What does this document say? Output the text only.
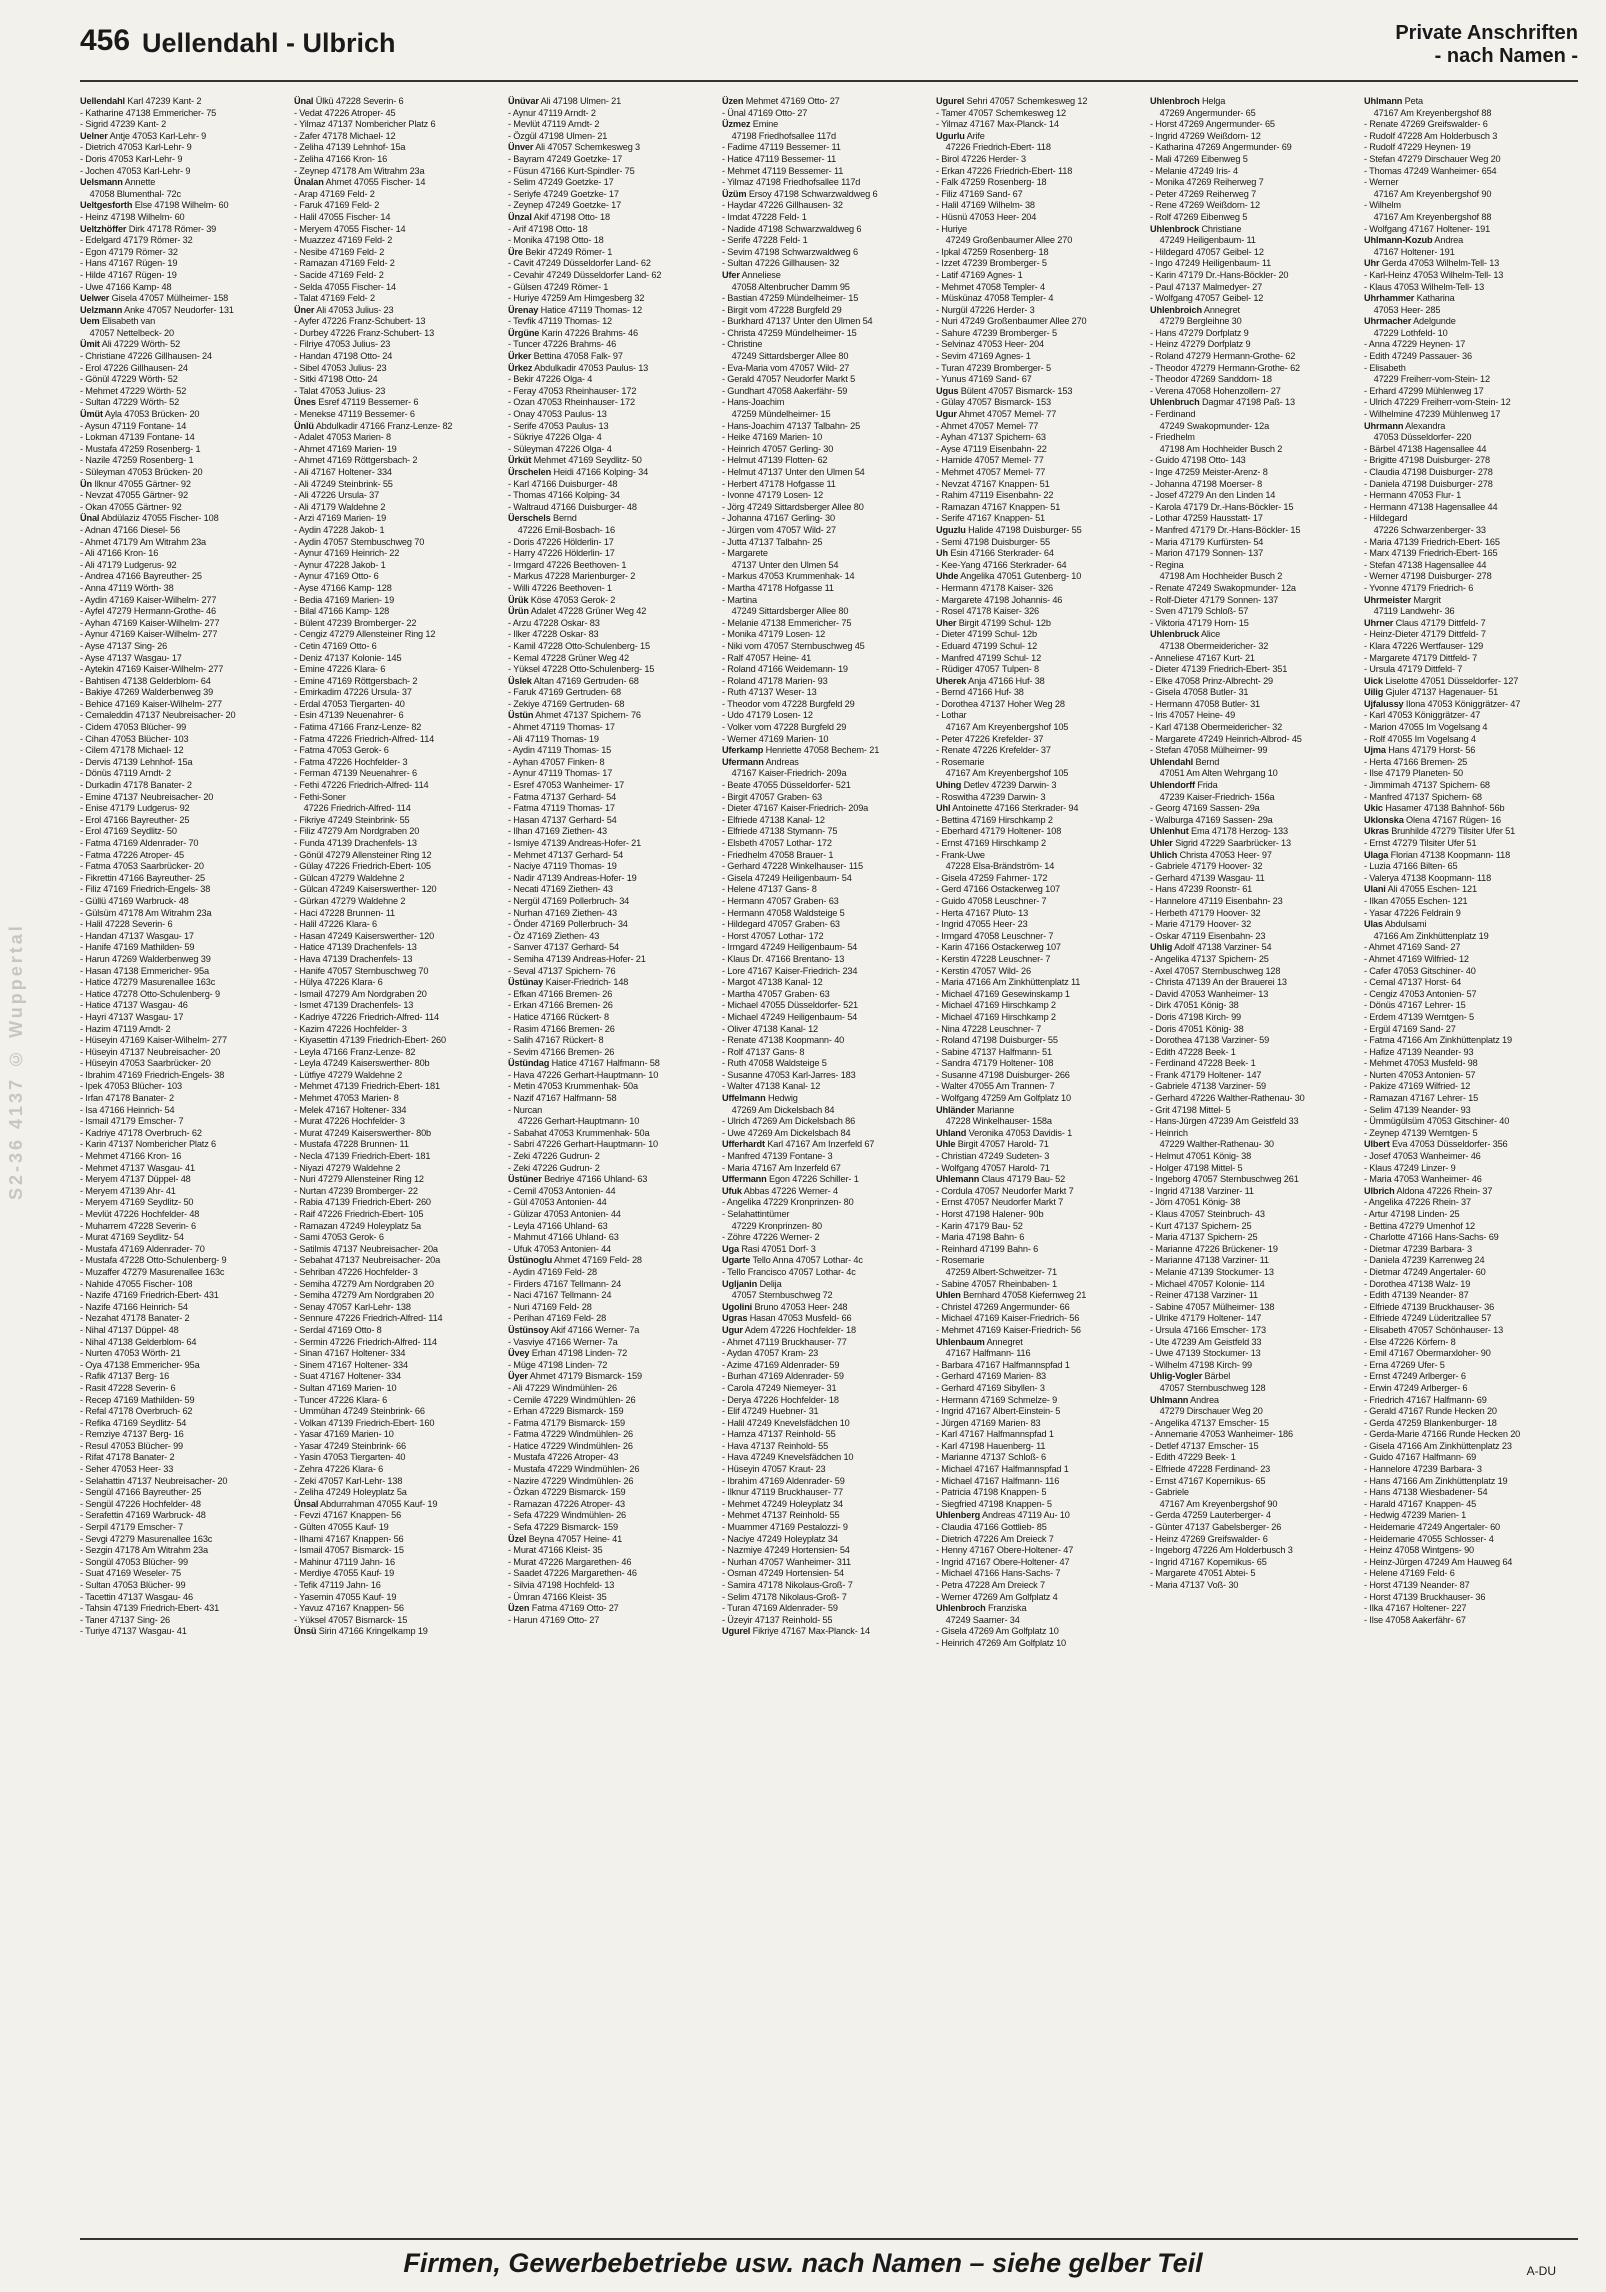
456 Uellendahl - Ulbrich	Private Anschriften
- nach Namen -
S2-36 4137 © Wuppertal
Uellendahl Karl 47239 Kant- 2
- Katharine 47138 Emmericher- 75
- Sigrid 47239 Kant- 2
Uelner Antje 47053 Karl-Lehr- 9
- Dietrich 47053 Karl-Lehr- 9
- Doris 47053 Karl-Lehr- 9
- Jochen 47053 Karl-Lehr- 9
Uelsmann Annette
47058 Blumenthal- 72c
Ueltgesforth Else 47198 Wilhelm- 60
- Heinz 47198 Wilhelm- 60
Ueltzhöffer Dirk 47178 Römer- 39
- Edelgard 47179 Römer- 32
- Egon 47179 Römer- 32
- Hans 47167 Rügen- 19
- Hilde 47167 Rügen- 19
- Uwe 47166 Kamp- 48
Uelwer Gisela 47057 Mülheimer- 158
Uelzmann Anke 47057 Neudorfer- 131
Uem Elisabeth van
47057 Nettelbeck- 20
Ümit Ali 47229 Wörth- 52
- Christiane 47226 Gillhausen- 24
- Erol 47226 Gillhausen- 24
- Gönül 47229 Wörth- 52
- Mehmet 47229 Wörth- 52
- Sultan 47229 Wörth- 52
Ümüt Ayla 47053 Brücken- 20
- Aysun 47119 Fontane- 14
- Lokman 47139 Fontane- 14
- Mustafa 47259 Rosenberg- 1
- Nazile 47259 Rosenberg- 1
- Süleyman 47053 Brücken- 20
Ün Ilknur 47055 Gärtner- 92
- Nevzat 47055 Gärtner- 92
- Okan 47055 Gärtner- 92
Ünal Abdülaziz 47055 Fischer- 108
- Adnan 47166 Diesel- 56
- Ahmet 47179 Am Witrahm 23a
- Ali 47166 Kron- 16
- Ali 47179 Ludgerus- 92
- Andrea 47166 Bayreuther- 25
- Anna 47119 Wörth- 38
- Aydin 47169 Kaiser-Wilhelm- 277
- Ayfel 47279 Hermann-Grothe- 46
- Ayhan 47169 Kaiser-Wilhelm- 277
- Aynur 47169 Kaiser-Wilhelm- 277
- Ayse 47137 Sing- 26
- Ayse 47137 Wasgau- 17
- Aytekin 47169 Kaiser-Wilhelm- 277
- Bahtisen 47138 Gelderblom- 64
- Bakiye 47269 Walderbenweg 39
- Behice 47169 Kaiser-Wilhelm- 277
- Cemaleddin 47137 Neubreisacher- 20
- Cidem 47053 Blücher- 99
- Cihan 47053 Blücher- 103
- Cilem 47178 Michael- 12
- Dervis 47139 Lehnhof- 15a
- Dönüs 47119 Arndt- 2
- Durkadin 47178 Banater- 2
- Emine 47137 Neubreisacher- 20
- Enise 47179 Ludgerus- 92
- Erol 47166 Bayreuther- 25
- Erol 47169 Seydlitz- 50
- Fatma 47169 Aldenrader- 70
- Fatma 47226 Atroper- 45
- Fatma 47053 Saarbrücker- 20
- Fikrettin 47166 Bayreuther- 25
- Filiz 47169 Friedrich-Engels- 38
- Güllü 47169 Warbruck- 48
- Gülsüm 47178 Am Witrahm 23a
- Halil 47228 Severin- 6
- Handan 47137 Wasgau- 17
- Hanife 47169 Mathilden- 59
- Harun 47269 Walderbenweg 39
- Hasan 47138 Emmericher- 95a
- Hatice 47279 Masurenallee 163c
- Hatice 47278 Otto-Schulenberg- 9
- Hatice 47137 Wasgau- 46
- Hayri 47137 Wasgau- 17
- Hazim 47119 Arndt- 2
- Hüseyin 47169 Kaiser-Wilhelm- 277
- Hüseyin 47137 Neubreisacher- 20
- Hüseyin 47053 Saarbrücker- 20
- Ibrahim 47169 Friedrich-Engels- 38
- Ipek 47053 Blücher- 103
- Irfan 47178 Banater- 2
- Isa 47166 Heinrich- 54
- Ismail 47179 Emscher- 7
- Kadriye 47178 Overbruch- 62
- Karin 47137 Nombericher Platz 6
- Mehmet 47166 Kron- 16
- Mehmet 47137 Wasgau- 41
- Meryem 47137 Düppel- 48
- Meryem 47139 Ahr- 41
- Meryem 47169 Seydlitz- 50
- Mevlüt 47226 Hochfelder- 48
- Muharrem 47228 Severin- 6
- Murat 47169 Seydlitz- 54
- Mustafa 47169 Aldenrader- 70
- Mustafa 47228 Otto-Schulenberg- 9
- Muzaffer 47279 Masurenallee 163c
- Nahide 47055 Fischer- 108
- Nazife 47169 Friedrich-Ebert- 431
- Nazife 47166 Heinrich- 54
- Nezahat 47178 Banater- 2
- Nihal 47137 Düppel- 48
- Nihal 47138 Gelderblom- 64
- Nurten 47053 Wörth- 21
- Oya 47138 Emmericher- 95a
- Rafik 47137 Berg- 16
- Rasit 47228 Severin- 6
- Recep 47169 Mathilden- 59
- Refal 47178 Overbruch- 62
- Refika 47169 Seydlitz- 54
- Remziye 47137 Berg- 16
- Resul 47053 Blücher- 99
- Rifat 47178 Banater- 2
- Seher 47053 Heer- 33
- Selahattin 47137 Neubreisacher- 20
- Sengül 47166 Bayreuther- 25
- Sengül 47226 Hochfelder- 48
- Serafettin 47169 Warbruck- 48
- Serpil 47179 Emscher- 7
- Sevgi 47279 Masurenallee 163c
- Sezgin 47178 Am Witrahm 23a
- Songül 47053 Blücher- 99
- Suat 47169 Weseler- 75
- Sultan 47053 Blücher- 99
- Tacettin 47137 Wasgau- 46
- Tahsin 47139 Friedrich-Ebert- 431
- Taner 47137 Sing- 26
- Turiye 47137 Wasgau- 41
Ünal Ülkü 47228 Severin- 6
- Vedat 47226 Atroper- 45
- Yilmaz 47137 Nombericher Platz 6
- Zafer 47178 Michael- 12
- Zeliha 47139 Lehnhof- 15a
- Zeliha 47166 Kron- 16
- Zeynep 47178 Am Witrahm 23a
Ünalan Ahmet 47055 Fischer- 14
- Arap 47169 Feld- 2
- Faruk 47169 Feld- 2
- Halil 47055 Fischer- 14
- Meryem 47055 Fischer- 14
- Muazzez 47169 Feld- 2
- Nesibe 47169 Feld- 2
- Ramazan 47169 Feld- 2
- Sacide 47169 Feld- 2
- Selda 47055 Fischer- 14
- Talat 47169 Feld- 2
Üner Ali 47053 Julius- 23
- Ayfer 47226 Franz-Schubert- 13
- Durbey 47226 Franz-Schubert- 13
- Filriye 47053 Julius- 23
- Handan 47198 Otto- 24
- Sibel 47053 Julius- 23
- Sitki 47198 Otto- 24
- Talat 47053 Julius- 23
Ünes Esref 47119 Bessemer- 6
- Menekse 47119 Bessemer- 6
Ünlü Abdulkadir 47166 Franz-Lenze- 82
- Adalet 47053 Marien- 8
- Ahmet 47169 Marien- 19
- Ahmet 47169 Röttgersbach- 2
- Ali 47167 Holtener- 334
- Ali 47249 Steinbrink- 55
- Ali 47226 Ursula- 37
- Ali 47179 Waldehne 2
- Arzi 47169 Marien- 19
- Aydin 47228 Jakob- 1
- Aydin 47057 Sternbuschweg 70
- Aynur 47169 Heinrich- 22
- Aynur 47228 Jakob- 1
- Aynur 47169 Otto- 6
- Ayse 47166 Kamp- 128
- Bedia 47169 Marien- 19
- Bilal 47166 Kamp- 128
- Bülent 47239 Bromberger- 22
- Cengiz 47279 Allensteiner Ring 12
- Cetin 47169 Otto- 6
- Deniz 47137 Kolonie- 145
- Emine 47226 Klara- 6
- Emine 47169 Röttgersbach- 2
- Emirkadim 47226 Ursula- 37
- Erdal 47053 Tiergarten- 40
- Esin 47139 Neuenahrer- 6
- Fatima 47166 Franz-Lenze- 82
- Fatma 47226 Friedrich-Alfred- 114
- Fatma 47053 Gerok- 6
- Fatma 47226 Hochfelder- 3
- Ferman 47139 Neuenahrer- 6
- Fethi 47226 Friedrich-Alfred- 114
- Fethi-Soner
47226 Friedrich-Alfred- 114
- Fikriye 47249 Steinbrink- 55
- Filiz 47279 Am Nordgraben 20
- Funda 47139 Drachenfels- 13
- Gönül 47279 Allensteiner Ring 12
- Gülay 47226 Friedrich-Ebert- 105
- Gülcan 47279 Waldehne 2
- Gülcan 47249 Kaiserswerther- 120
- Gürkan 47279 Waldehne 2
- Haci 47228 Brunnen- 11
- Halil 47226 Klara- 6
- Hasan 47249 Kaiserswerther- 120
- Hatice 47139 Drachenfels- 13
- Hava 47139 Drachenfels- 13
- Hanife 47057 Sternbuschweg 70
- Hülya 47226 Klara- 6
- Ismail 47279 Am Nordgraben 20
- Ismet 47139 Drachenfels- 13
- Kadriye 47226 Friedrich-Alfred- 114
- Kazim 47226 Hochfelder- 3
- Kiyasettin 47139 Friedrich-Ebert- 260
- Leyla 47166 Franz-Lenze- 82
- Leyla 47249 Kaiserswerther- 80b
- Lütfiye 47279 Waldehne 2
- Mehmet 47139 Friedrich-Ebert- 181
- Mehmet 47053 Marien- 8
- Melek 47167 Holtener- 334
- Murat 47226 Hochfelder- 3
- Murat 47249 Kaiserswerther- 80b
- Mustafa 47228 Brunnen- 11
- Necla 47139 Friedrich-Ebert- 181
- Niyazi 47279 Waldehne 2
- Nuri 47279 Allensteiner Ring 12
- Nurtan 47239 Bromberger- 22
- Rabia 47139 Friedrich-Ebert- 260
- Raif 47226 Friedrich-Ebert- 105
- Ramazan 47249 Holeyplatz 5a
- Sami 47053 Gerok- 6
- Satilmis 47137 Neubreisacher- 20a
- Sebahat 47137 Neubreisacher- 20a
- Sehriban 47226 Hochfelder- 3
- Semiha 47279 Am Nordgraben 20
- Semiha 47279 Am Nordgraben 20
- Senay 47057 Karl-Lehr- 138
- Sennure 47226 Friedrich-Alfred- 114
- Serdal 47169 Otto- 8
- Sermin 47226 Friedrich-Alfred- 114
- Sinan 47167 Holtener- 334
- Sinem 47167 Holtener- 334
- Suat 47167 Holtener- 334
- Sultan 47169 Marien- 10
- Tuncer 47226 Klara- 6
- Ummühan 47249 Steinbrink- 66
- Volkan 47139 Friedrich-Ebert- 160
- Yasar 47169 Marien- 10
- Yasar 47249 Steinbrink- 66
- Yasin 47053 Tiergarten- 40
- Zehra 47226 Klara- 6
- Zeki 47057 Karl-Lehr- 138
- Zeliha 47249 Holeyplatz 5a
Ünsal Abdurrahman 47055 Kauf- 19
- Fevzi 47167 Knappen- 56
- Gülten 47055 Kauf- 19
- Ilhami 47167 Knappen- 56
- Ismail 47057 Bismarck- 15
- Mahinur 47119 Jahn- 16
- Merdiye 47055 Kauf- 19
- Tefik 47119 Jahn- 16
- Yasemin 47055 Kauf- 19
- Yavuz 47167 Knappen- 56
- Yüksel 47057 Bismarck- 15
Ünsü Sirin 47166 Kringelkamp 19
Ünüvar Ali 47198 Ulmen- 21
- Aynur 47119 Arndt- 2
- Mevlüt 47119 Arndt- 2
- Özgül 47198 Ulmen- 21
Ünver Ali 47057 Schemkesweg 3
- Bayram 47249 Goetzke- 17
- Füsun 47166 Kurt-Spindler- 75
- Selim 47249 Goetzke- 17
- Seriyfe 47249 Goetzke- 17
- Zeynep 47249 Goetzke- 17
Ünzal Akif 47198 Otto- 18
- Arif 47198 Otto- 18
- Monika 47198 Otto- 18
Üre Bekir 47249 Römer- 1
- Cavit 47249 Düsseldorfer Land- 62
- Cevahir 47249 Düsseldorfer Land- 62
- Gülsen 47249 Römer- 1
- Huriye 47259 Am Himgesberg 32
Ürenay Hatice 47119 Thomas- 12
- Tevfik 47119 Thomas- 12
Ürgüne Karin 47226 Brahms- 46
- Tuncer 47226 Brahms- 46
Ürker Bettina 47058 Falk- 97
Ürkez Abdulkadir 47053 Paulus- 13
- Bekir 47226 Olga- 4
- Feray 47053 Rheinhauser- 172
- Ozan 47053 Rheinhauser- 172
- Onay 47053 Paulus- 13
- Serife 47053 Paulus- 13
- Sükriye 47226 Olga- 4
- Süleyman 47226 Olga- 4
Ürküt Mehmet 47169 Seydlitz- 50
Ürschelen Heidi 47166 Kolping- 34
- Karl 47166 Duisburger- 48
- Thomas 47166 Kolping- 34
- Waltraud 47166 Duisburger- 48
Üerschels Bernd
47226 Emil-Bosbach- 16
- Doris 47226 Hölderlin- 17
- Harry 47226 Hölderlin- 17
- Irmgard 47226 Beethoven- 1
- Markus 47228 Marienburger- 2
- Willi 47226 Beethoven- 1
Ürük Köse 47053 Gerok- 2
Ürün Adalet 47228 Grüner Weg 42
- Arzu 47228 Oskar- 83
- Ilker 47228 Oskar- 83
- Kamil 47228 Otto-Schulenberg- 15
- Kemal 47228 Grüner Weg 42
- Yüksel 47228 Otto-Schulenberg- 15
Üslek Altan 47169 Gertruden- 68
- Faruk 47169 Gertruden- 68
- Zekiye 47169 Gertruden- 68
Üstün Ahmet 47137 Spichern- 76
- Ahmet 47119 Thomas- 17
- Ali 47119 Thomas- 19
- Aydin 47119 Thomas- 15
- Ayhan 47057 Finken- 8
- Aynur 47119 Thomas- 17
- Esref 47053 Wanheimer- 17
- Fatma 47137 Gerhard- 54
- Fatma 47119 Thomas- 17
- Hasan 47137 Gerhard- 54
- Ilhan 47169 Ziethen- 43
- Ismiye 47139 Andreas-Hofer- 21
- Mehmet 47137 Gerhard- 54
- Naciye 47119 Thomas- 19
- Nadir 47139 Andreas-Hofer- 19
- Necati 47169 Ziethen- 43
- Nergül 47169 Pollerbruch- 34
- Nurhan 47169 Ziethen- 43
- Önder 47169 Pollerbruch- 34
- Öz 47169 Ziethen- 43
- Sanver 47137 Gerhard- 54
- Semiha 47139 Andreas-Hofer- 21
- Seval 47137 Spichern- 76
Üstünay Kaiser-Friedrich- 148
- Efkan 47166 Bremen- 26
- Erkan 47166 Bremen- 26
- Hatice 47166 Rückert- 8
- Rasim 47166 Bremen- 26
- Salih 47167 Rückert- 8
- Sevim 47166 Bremen- 26
Üstündag Hatice 47167 Halfmann- 58
- Hava 47226 Gerhart-Hauptmann- 10
- Metin 47053 Krummenhak- 50a
- Nazif 47167 Halfmann- 58
- Nurcan
47226 Gerhart-Hauptmann- 10
- Sabahat 47053 Krummenhak- 50a
- Sabri 47226 Gerhart-Hauptmann- 10
- Zeki 47226 Gudrun- 2
- Zeki 47226 Gudrun- 2
Üstüner Bedriye 47166 Uhland- 63
- Cemil 47053 Antonien- 44
- Gül 47053 Antonien- 44
- Gülizar 47053 Antonien- 44
- Leyla 47166 Uhland- 63
- Mahmut 47166 Uhland- 63
- Ufuk 47053 Antonien- 44
Üstünoglu Ahmet 47169 Feld- 28
- Aydin 47169 Feld- 28
- Firders 47167 Tellmann- 24
- Naci 47167 Tellmann- 24
- Nuri 47169 Feld- 28
- Perihan 47169 Feld- 28
Üstünsoy Akif 47166 Werner- 7a
- Vasviye 47166 Werner- 7a
Üvey Erhan 47198 Linden- 72
- Müge 47198 Linden- 72
Üyer Ahmet 47179 Bismarck- 159
- Ali 47229 Windmühlen- 26
- Cemile 47229 Windmühlen- 26
- Erhan 47229 Bismarck- 159
- Fatma 47179 Bismarck- 159
- Fatma 47229 Windmühlen- 26
- Hatice 47229 Windmühlen- 26
- Mustafa 47226 Atroper- 43
- Mustafa 47229 Windmühlen- 26
- Nazire 47229 Windmühlen- 26
- Özkan 47229 Bismarck- 159
- Ramazan 47226 Atroper- 43
- Sefa 47229 Windmühlen- 26
- Sefa 47229 Bismarck- 159
Üzel Beyna 47057 Heine- 41
- Murat 47166 Kleist- 35
- Murat 47226 Margarethen- 46
- Saadet 47226 Margarethen- 46
- Silvia 47198 Hochfeld- 13
- Ümran 47166 Kleist- 35
Üzen Fatma 47169 Otto- 27
- Harun 47169 Otto- 27
Üzen Mehmet 47169 Otto- 27
- Ünal 47169 Otto- 27
Üzmez Emine
47198 Friedhofsallee 117d
- Fadime 47119 Bessemer- 11
- Hatice 47119 Bessemer- 11
- Mehmet 47119 Bessemer- 11
- Yilmaz 47198 Friedhofsallee 117d
Üzüm Ersoy 47198 Schwarzwaldweg 6
- Haydar 47226 Gillhausen- 32
- Imdat 47228 Feld- 1
- Nadide 47198 Schwarzwaldweg 6
- Serife 47228 Feld- 1
- Sevim 47198 Schwarzwaldweg 6
- Sultan 47226 Gillhausen- 32
Ufer Anneliese
47058 Altenbrucher Damm 95
- Bastian 47259 Mündelheimer- 15
- Birgit vom 47228 Burgfeld 29
- Burkhard 47137 Unter den Ulmen 54
- Christa 47259 Mündelheimer- 15
- Christine
47249 Sittardsberger Allee 80
- Eva-Maria vom 47057 Wild- 27
- Gerald 47057 Neudorfer Markt 5
- Gundhart 47058 Aakerfähr- 59
- Hans-Joachim
47259 Mündelheimer- 15
- Hans-Joachim 47137 Talbahn- 25
- Heike 47169 Marien- 10
- Heinrich 47057 Gerling- 30
- Helmut 47139 Flotten- 62
- Helmut 47137 Unter den Ulmen 54
- Herbert 47178 Hofgasse 11
- Ivonne 47179 Losen- 12
- Jörg 47249 Sittardsberger Allee 80
- Johanna 47167 Gerling- 30
- Jürgen vom 47057 Wild- 27
- Jutta 47137 Talbahn- 25
- Margarete
47137 Unter den Ulmen 54
- Markus 47053 Krummenhak- 14
- Martha 47178 Hofgasse 11
- Martina
47249 Sittardsberger Allee 80
- Melanie 47138 Emmericher- 75
- Monika 47179 Losen- 12
- Niki vom 47057 Sternbuschweg 45
- Ralf 47057 Heine- 41
- Roland 47166 Weidemann- 19
- Roland 47178 Marien- 93
- Ruth 47137 Weser- 13
- Theodor vom 47228 Burgfeld 29
- Udo 47179 Losen- 12
- Volker vom 47228 Burgfeld 29
- Werner 47169 Marien- 10
Uferkamp Henriette 47058 Bechem- 21
Ufermann Andreas
47167 Kaiser-Friedrich- 209a
- Beate 47055 Düsseldorfer- 521
- Birgit 47057 Graben- 63
- Dieter 47167 Kaiser-Friedrich- 209a
- Elfriede 47138 Kanal- 12
- Elfriede 47138 Stymann- 75
- Elsbeth 47057 Lothar- 172
- Friedhelm 47058 Brauer- 1
- Gerhard 47228 Winkelhauser- 115
- Gisela 47249 Heiligenbaum- 54
- Helene 47137 Gans- 8
- Hermann 47057 Graben- 63
- Hermann 47058 Waldsteige 5
- Hildegard 47057 Graben- 63
- Horst 47057 Lothar- 172
- Irmgard 47249 Heiligenbaum- 54
- Klaus Dr. 47166 Brentano- 13
- Lore 47167 Kaiser-Friedrich- 234
- Margot 47138 Kanal- 12
- Martha 47057 Graben- 63
- Michael 47055 Düsseldorfer- 521
- Michael 47249 Heiligenbaum- 54
- Oliver 47138 Kanal- 12
- Renate 47138 Koopmann- 40
- Rolf 47137 Gans- 8
- Ruth 47058 Waldsteige 5
- Susanne 47053 Karl-Jarres- 183
- Walter 47138 Kanal- 12
Uffelmann Hedwig
47269 Am Dickelsbach 84
- Ulrich 47269 Am Dickelsbach 86
- Uwe 47269 Am Dickelsbach 84
Ufferhardt Karl 47167 Am Inzerfeld 67
- Manfred 47139 Fontane- 3
- Maria 47167 Am Inzerfeld 67
Uffermann Egon 47226 Schiller- 1
Ufuk Abbas 47226 Werner- 4
- Angelika 47229 Kronprinzen- 80
- Selahattintümer
47229 Kronprinzen- 80
- Zöhre 47226 Werner- 2
Uga Rasi 47051 Dorf- 3
Ugarte Tello Anna 47057 Lothar- 4c
- Tello Francisco 47057 Lothar- 4c
Ugljanin Delija
47057 Sternbuschweg 72
Ugolini Bruno 47053 Heer- 248
Ugras Hasan 47053 Musfeld- 66
Ugur Adem 47226 Hochfelder- 18
- Ahmet 47119 Bruckhauser- 77
- Aydan 47057 Kram- 23
- Azime 47169 Aldenrader- 59
- Burhan 47169 Aldenrader- 59
- Carola 47249 Niemeyer- 31
- Derya 47226 Hochfelder- 18
- Elif 47249 Huebner- 31
- Halil 47249 Knevelsfädchen 10
- Hamza 47137 Reinhold- 55
- Hava 47137 Reinhold- 55
- Hava 47249 Knevelsfädchen 10
- Hüseyin 47057 Kraut- 23
- Ibrahim 47169 Aldenrader- 59
- Ilknur 47119 Bruckhauser- 77
- Mehmet 47249 Holeyplatz 34
- Mehmet 47137 Reinhold- 55
- Muammer 47169 Pestalozzi- 9
- Naciye 47249 Holeyplatz 34
- Nazmiye 47249 Hortensien- 54
- Nurhan 47057 Wanheimer- 311
- Osman 47249 Hortensien- 54
- Samira 47178 Nikolaus-Groß- 7
- Selim 47178 Nikolaus-Groß- 7
- Turan 47169 Aldenrader- 59
- Üzeyir 47137 Reinhold- 55
Ugurel Fikriye 47167 Max-Planck- 14
Ugurel Sehri 47057 Schemkesweg 12
- Tamer 47057 Schemkesweg 12
- Yilmaz 47167 Max-Planck- 14
Ugurlu Arife
47226 Friedrich-Ebert- 118
- Birol 47226 Herder- 3
- Erkan 47226 Friedrich-Ebert- 118
- Falk 47259 Rosenberg- 18
- Filiz 47169 Sand- 67
- Halil 47169 Wilhelm- 38
- Hüsnü 47053 Heer- 204
- Huriye
47249 Großenbaumer Allee 270
- Ipkal 47259 Rosenberg- 18
- Izzet 47239 Bromberger- 5
- Latif 47169 Agnes- 1
- Mehmet 47058 Templer- 4
- Müskünaz 47058 Templer- 4
- Nurgül 47226 Herder- 3
- Nuri 47249 Großenbaumer Allee 270
- Sahure 47239 Bromberger- 5
- Selvinaz 47053 Heer- 204
- Sevim 47169 Agnes- 1
- Turan 47239 Bromberger- 5
- Yunus 47169 Sand- 67
Ugus Bülent 47057 Bismarck- 153
- Gülay 47057 Bismarck- 153
Ugur Ahmet 47057 Memel- 77
- Ahmet 47057 Memel- 77
- Ayhan 47137 Spichern- 63
- Ayse 47119 Eisenbahn- 22
- Hamide 47057 Memel- 77
- Mehmet 47057 Memel- 77
- Nevzat 47167 Knappen- 51
- Rahim 47119 Eisenbahn- 22
- Ramazan 47167 Knappen- 51
- Serife 47167 Knappen- 51
Uguzlu Halide 47198 Duisburger- 55
- Semi 47198 Duisburger- 55
Uh Esin 47166 Sterkrader- 64
- Kee-Yang 47166 Sterkrader- 64
Uhde Angelika 47051 Gutenberg- 10
- Hermann 47178 Kaiser- 326
- Margarete 47198 Johannis- 46
- Rosel 47178 Kaiser- 326
Uher Birgit 47199 Schul- 12b
- Dieter 47199 Schul- 12b
- Eduard 47199 Schul- 12
- Manfred 47199 Schul- 12
- Rüdiger 47057 Tulpen- 8
Uherek Anja 47166 Huf- 38
- Bernd 47166 Huf- 38
- Dorothea 47137 Hoher Weg 28
- Lothar
47167 Am Kreyenbergshof 105
- Peter 47226 Krefelder- 37
- Renate 47226 Krefelder- 37
- Rosemarie
47167 Am Kreyenbergshof 105
Uhing Detlev 47239 Darwin- 3
- Roswitha 47239 Darwin- 3
Uhl Antoinette 47166 Sterkrader- 94
- Bettina 47169 Hirschkamp 2
- Eberhard 47179 Holtener- 108
- Ernst 47169 Hirschkamp 2
- Frank-Uwe
47228 Elsa-Brändström- 14
- Gisela 47259 Fahrner- 172
- Gerd 47166 Ostackerweg 107
- Guido 47058 Leuschner- 7
- Herta 47167 Pluto- 13
- Ingrid 47055 Heer- 23
- Irmgard 47058 Leuschner- 7
- Karin 47166 Ostackerweg 107
- Kerstin 47228 Leuschner- 7
- Kerstin 47057 Wild- 26
- Maria 47166 Am Zinkhüttenplatz 11
- Michael 47169 Gesewinskamp 1
- Michael 47169 Hirschkamp 2
- Michael 47169 Hirschkamp 2
- Nina 47228 Leuschner- 7
- Roland 47198 Duisburger- 55
- Sabine 47137 Halfmann- 51
- Sandra 47179 Holtener- 108
- Susanne 47198 Duisburger- 266
- Walter 47055 Am Trannen- 7
- Wolfgang 47259 Am Golfplatz 10
Uhländer Marianne
47228 Winkelhauser- 158a
Uhland Veronika 47053 Davidis- 1
Uhle Birgit 47057 Harold- 71
- Christian 47249 Sudeten- 3
- Wolfgang 47057 Harold- 71
Uhlemann Claus 47179 Bau- 52
- Cordula 47057 Neudorfer Markt 7
- Ernst 47057 Neudorfer Markt 7
- Horst 47198 Halener- 90b
- Karin 47179 Bau- 52
- Maria 47198 Bahn- 6
- Reinhard 47199 Bahn- 6
- Rosemarie
47259 Albert-Schweitzer- 71
- Sabine 47057 Rheinbaben- 1
Uhlen Bernhard 47058 Kiefernweg 21
- Christel 47269 Angermunder- 66
- Michael 47169 Kaiser-Friedrich- 56
- Mehmet 47169 Kaiser-Friedrich- 56
Uhlenbaum Annegret
47167 Halfmann- 116
- Barbara 47167 Halfmannspfad 1
- Gerhard 47169 Marien- 83
- Gerhard 47169 Sibyllen- 3
- Hermann 47169 Schmelze- 9
- Ingrid 47167 Albert-Einstein- 5
- Jürgen 47169 Marien- 83
- Karl 47167 Halfmannspfad 1
- Karl 47198 Hauenberg- 11
- Marianne 47137 Schloß- 6
- Michael 47167 Halfmannspfad 1
- Michael 47167 Halfmann- 116
- Patricia 47198 Knappen- 5
- Siegfried 47198 Knappen- 5
Uhlenberg Andreas 47119 Au- 10
- Claudia 47166 Gottlieb- 85
- Dietrich 47226 Am Dreieck 7
- Henny 47167 Obere-Holtener- 47
- Ingrid 47167 Obere-Holtener- 47
- Michael 47166 Hans-Sachs- 7
- Petra 47228 Am Dreieck 7
- Werner 47269 Am Golfplatz 4
Uhlenbroch Franziska
47249 Saarner- 34
- Gisela 47269 Am Golfplatz 10
- Heinrich 47269 Am Golfplatz 10
Uhlenbroch Helga
47269 Angermunder- 65
- Horst 47269 Angermunder- 65
- Ingrid 47269 Weißdorn- 12
- Katharina 47269 Angermunder- 69
- Mali 47269 Eibenweg 5
- Melanie 47249 Iris- 4
- Monika 47269 Reiherweg 7
- Peter 47269 Reiherweg 7
- Rene 47269 Weißdorn- 12
- Rolf 47269 Eibenweg 5
Uhlenbrock Christiane
47249 Heiligenbaum- 11
- Hildegard 47057 Geibel- 12
- Ingo 47249 Heiligenbaum- 11
- Karin 47179 Dr.-Hans-Böckler- 20
- Paul 47137 Malmedyer- 27
- Wolfgang 47057 Geibel- 12
Uhlenbroich Annegret
47279 Bergleihne 30
- Hans 47279 Dorfplatz 9
- Heinz 47279 Dorfplatz 9
- Roland 47279 Hermann-Grothe- 62
- Theodor 47279 Hermann-Grothe- 62
- Theodor 47269 Sanddorn- 18
- Verena 47058 Hohenzollern- 27
Uhlenbruch Dagmar 47198 Paß- 13
- Ferdinand
47249 Swakopmunder- 12a
- Friedhelm
47198 Am Hochheider Busch 2
- Guido 47198 Otto- 143
- Inge 47259 Meister-Arenz- 8
- Johanna 47198 Moerser- 8
- Josef 47279 An den Linden 14
- Karola 47179 Dr.-Hans-Böckler- 15
- Lothar 47259 Hausstatt- 17
- Manfred 47179 Dr.-Hans-Böckler- 15
- Maria 47179 Kurfürsten- 54
- Marion 47179 Sonnen- 137
- Regina
47198 Am Hochheider Busch 2
- Renate 47249 Swakopmunder- 12a
- Rolf-Dieter 47179 Sonnen- 137
- Sven 47179 Schloß- 57
- Viktoria 47179 Horn- 15
Uhlenbruck Alice
47138 Obermeidericher- 32
- Anneliese 47167 Kurt- 21
- Dieter 47139 Friedrich-Ebert- 351
- Elke 47058 Prinz-Albrecht- 29
- Gisela 47058 Butler- 31
- Hermann 47058 Butler- 31
- Iris 47057 Heine- 49
- Karl 47138 Obermeidericher- 32
- Margarete 47249 Heinrich-Albrod- 45
- Stefan 47058 Mülheimer- 99
Uhlendahl Bernd
47051 Am Alten Wehrgang 10
Uhlendorff Frida
47239 Kaiser-Friedrich- 156a
- Georg 47169 Sassen- 29a
- Walburga 47169 Sassen- 29a
Uhlenhut Ema 47178 Herzog- 133
Uhler Sigrid 47229 Saarbrücker- 13
Uhlich Christa 47053 Heer- 97
- Gabriele 47179 Hoover- 32
- Gerhard 47139 Wasgau- 11
- Hans 47239 Roonstr- 61
- Hannelore 47119 Eisenbahn- 23
- Herbeth 47179 Hoover- 32
- Marie 47179 Hoover- 32
- Oskar 47119 Eisenbahn- 23
Uhlig Adolf 47138 Varziner- 54
- Angelika 47137 Spichern- 25
- Axel 47057 Sternbuschweg 128
- Christa 47139 An der Brauerei 13
- David 47053 Wanheimer- 13
- Dirk 47051 König- 38
- Doris 47198 Kirch- 99
- Doris 47051 König- 38
- Dorothea 47138 Varziner- 59
- Edith 47228 Beek- 1
- Ferdinand 47228 Beek- 1
- Frank 47179 Holtener- 147
- Gabriele 47138 Varziner- 59
- Gerhard 47226 Walther-Rathenau- 30
- Grit 47198 Mittel- 5
- Hans-Jürgen 47239 Am Geistfeld 33
- Heinrich
47229 Walther-Rathenau- 30
- Helmut 47051 König- 38
- Holger 47198 Mittel- 5
- Ingeborg 47057 Sternbuschweg 261
- Ingrid 47138 Varziner- 11
- Jörn 47051 König- 38
- Klaus 47057 Steinbruch- 43
- Kurt 47137 Spichern- 25
- Maria 47137 Spichern- 25
- Marianne 47226 Brückener- 19
- Marianne 47138 Varziner- 11
- Melanie 47139 Stockumer- 13
- Michael 47057 Kolonie- 114
- Reiner 47138 Varziner- 11
- Sabine 47057 Mülheimer- 138
- Ulrike 47179 Holtener- 147
- Ursula 47166 Emscher- 173
- Ute 47239 Am Geistfeld 33
- Uwe 47139 Stockumer- 13
- Wilhelm 47198 Kirch- 99
Uhlig-Vogler Bärbel
47057 Sternbuschweg 128
Uhlmann Andrea
47279 Dirschauer Weg 20
- Angelika 47137 Emscher- 15
- Annemarie 47053 Wanheimer- 186
- Detlef 47137 Emscher- 15
- Edith 47229 Beek- 1
- Elfriede 47228 Ferdinand- 23
- Ernst 47167 Kopernikus- 65
- Gabriele
47167 Am Kreyenbergshof 90
- Gerda 47259 Lauterberger- 4
- Günter 47137 Gabelsberger- 26
- Heinz 47269 Greifswalder- 6
- Ingeborg 47226 Am Holderbusch 3
- Ingrid 47167 Kopernikus- 65
- Margarete 47051 Abtei- 5
- Maria 47137 Voß- 30
Uhlmann Peta
47167 Am Kreyenbergshof 88
- Renate 47269 Greifswalder- 6
- Rudolf 47228 Am Holderbusch 3
- Rudolf 47229 Heynen- 19
- Stefan 47279 Dirschauer Weg 20
- Thomas 47249 Wanheimer- 654
- Werner
47167 Am Kreyenbergshof 90
- Wilhelm
47167 Am Kreyenbergshof 88
- Wolfgang 47167 Holtener- 191
Uhlmann-Kozub Andrea
47167 Holtener- 191
Uhr Gerda 47053 Wilhelm-Tell- 13
- Karl-Heinz 47053 Wilhelm-Tell- 13
- Klaus 47053 Wilhelm-Tell- 13
Uhrhammer Katharina
47053 Heer- 285
Uhrmacher Adelgunde
47229 Lothfeld- 10
- Anna 47229 Heynen- 17
- Edith 47249 Passauer- 36
- Elisabeth
47229 Freiherr-vom-Stein- 12
- Erhard 47299 Mühlenweg 17
- Ulrich 47229 Freiherr-vom-Stein- 12
- Wilhelmine 47239 Mühlenweg 17
Uhrmann Alexandra
47053 Düsseldorfer- 220
- Bärbel 47138 Hagensallee 44
- Brigitte 47198 Duisburger- 278
- Claudia 47198 Duisburger- 278
- Daniela 47198 Duisburger- 278
- Hermann 47053 Flur- 1
- Hermann 47138 Hagensallee 44
- Hildegard
47226 Schwarzenberger- 33
- Maria 47139 Friedrich-Ebert- 165
- Marx 47139 Friedrich-Ebert- 165
- Stefan 47138 Hagensallee 44
- Werner 47198 Duisburger- 278
- Yvonne 47179 Friedrich- 6
Uhrmeister Margrit
47119 Landwehr- 36
Uhrner Claus 47179 Dittfeld- 7
- Heinz-Dieter 47179 Dittfeld- 7
- Klara 47226 Wertfauser- 129
- Margarete 47179 Dittfeld- 7
- Ursula 47179 Dittfeld- 7
Uick Liselotte 47051 Düsseldorfer- 127
Uilig Gjuler 47137 Hagenauer- 51
Ujfalussy Ilona 47053 Königgrätzer- 47
- Karl 47053 Königgrätzer- 47
- Marion 47055 Im Vogelsang 4
- Rolf 47055 Im Vogelsang 4
Ujma Hans 47179 Horst- 56
- Herta 47166 Bremen- 25
- Ilse 47179 Planeten- 50
- Jimmimah 47137 Spichern- 68
- Manfred 47137 Spichern- 68
Ukic Hasamer 47138 Bahnhof- 56b
Uklonska Olena 47167 Rügen- 16
Ukras Brunhilde 47279 Tilsiter Ufer 51
- Ernst 47279 Tilsiter Ufer 51
Ulaga Florian 47138 Koopmann- 118
- Luzia 47166 Bilten- 65
- Valerya 47138 Koopmann- 118
Ulani Ali 47055 Eschen- 121
- Ilkan 47055 Eschen- 121
- Yasar 47226 Feldrain 9
Ulas Abdulsami
47166 Am Zinkhüttenplatz 19
- Ahmet 47169 Sand- 27
- Ahmet 47169 Wilfried- 12
- Cafer 47053 Gitschiner- 40
- Cemal 47137 Horst- 64
- Cengiz 47053 Antonien- 57
- Dönüs 47167 Lehrer- 15
- Erdem 47139 Werntgen- 5
- Ergül 47169 Sand- 27
- Fatma 47166 Am Zinkhüttenplatz 19
- Hafize 47139 Neander- 93
- Mehmet 47053 Musfeld- 98
- Nurten 47053 Antonien- 57
- Pakize 47169 Wilfried- 12
- Ramazan 47167 Lehrer- 15
- Selim 47139 Neander- 93
- Ümmügülsüm 47053 Gitschiner- 40
- Zeynep 47139 Werntgen- 5
Ulbert Eva 47053 Düsseldorfer- 356
- Josef 47053 Wanheimer- 46
- Klaus 47249 Linzer- 9
- Maria 47053 Wanheimer- 46
Ulbrich Aldona 47226 Rhein- 37
- Angelika 47226 Rhein- 37
- Artur 47198 Linden- 25
- Bettina 47279 Umenhof 12
- Charlotte 47166 Hans-Sachs- 69
- Dietmar 47239 Barbara- 3
- Daniela 47239 Karrenweg 24
- Dietmar 47249 Angertaler- 60
- Dorothea 47138 Walz- 19
- Edith 47139 Neander- 87
- Elfriede 47139 Bruckhauser- 36
- Elfriede 47249 Lüderitzallee 57
- Elisabeth 47057 Schönhauser- 13
- Else 47226 Körfern- 8
- Emil 47167 Obermarxloher- 90
- Erna 47269 Ufer- 5
- Ernst 47249 Arlberger- 6
- Erwin 47249 Arlberger- 6
- Friedrich 47167 Halfmann- 69
- Gerald 47167 Runde Hecken 20
- Gerda 47259 Blankenburger- 18
- Gerda-Marie 47166 Runde Hecken 20
- Gisela 47166 Am Zinkhüttenplatz 23
- Guido 47167 Halfmann- 69
- Hannelore 47239 Barbara- 3
- Hans 47166 Am Zinkhüttenplatz 19
- Hans 47138 Wiesbadener- 54
- Harald 47167 Knappen- 45
- Hedwig 47239 Marien- 1
- Heidemarie 47249 Angertaler- 60
- Heidemarie 47055 Schlosser- 4
- Heinz 47058 Wintgens- 90
- Heinz-Jürgen 47249 Am Hauweg 64
- Helene 47169 Feld- 6
- Horst 47139 Neander- 87
- Horst 47139 Bruckhauser- 36
- Ilka 47167 Holtener- 227
- Ilse 47058 Aakerfähr- 67
Firmen, Gewerbebetriebe usw. nach Namen – siehe gelber Teil	A-DU
